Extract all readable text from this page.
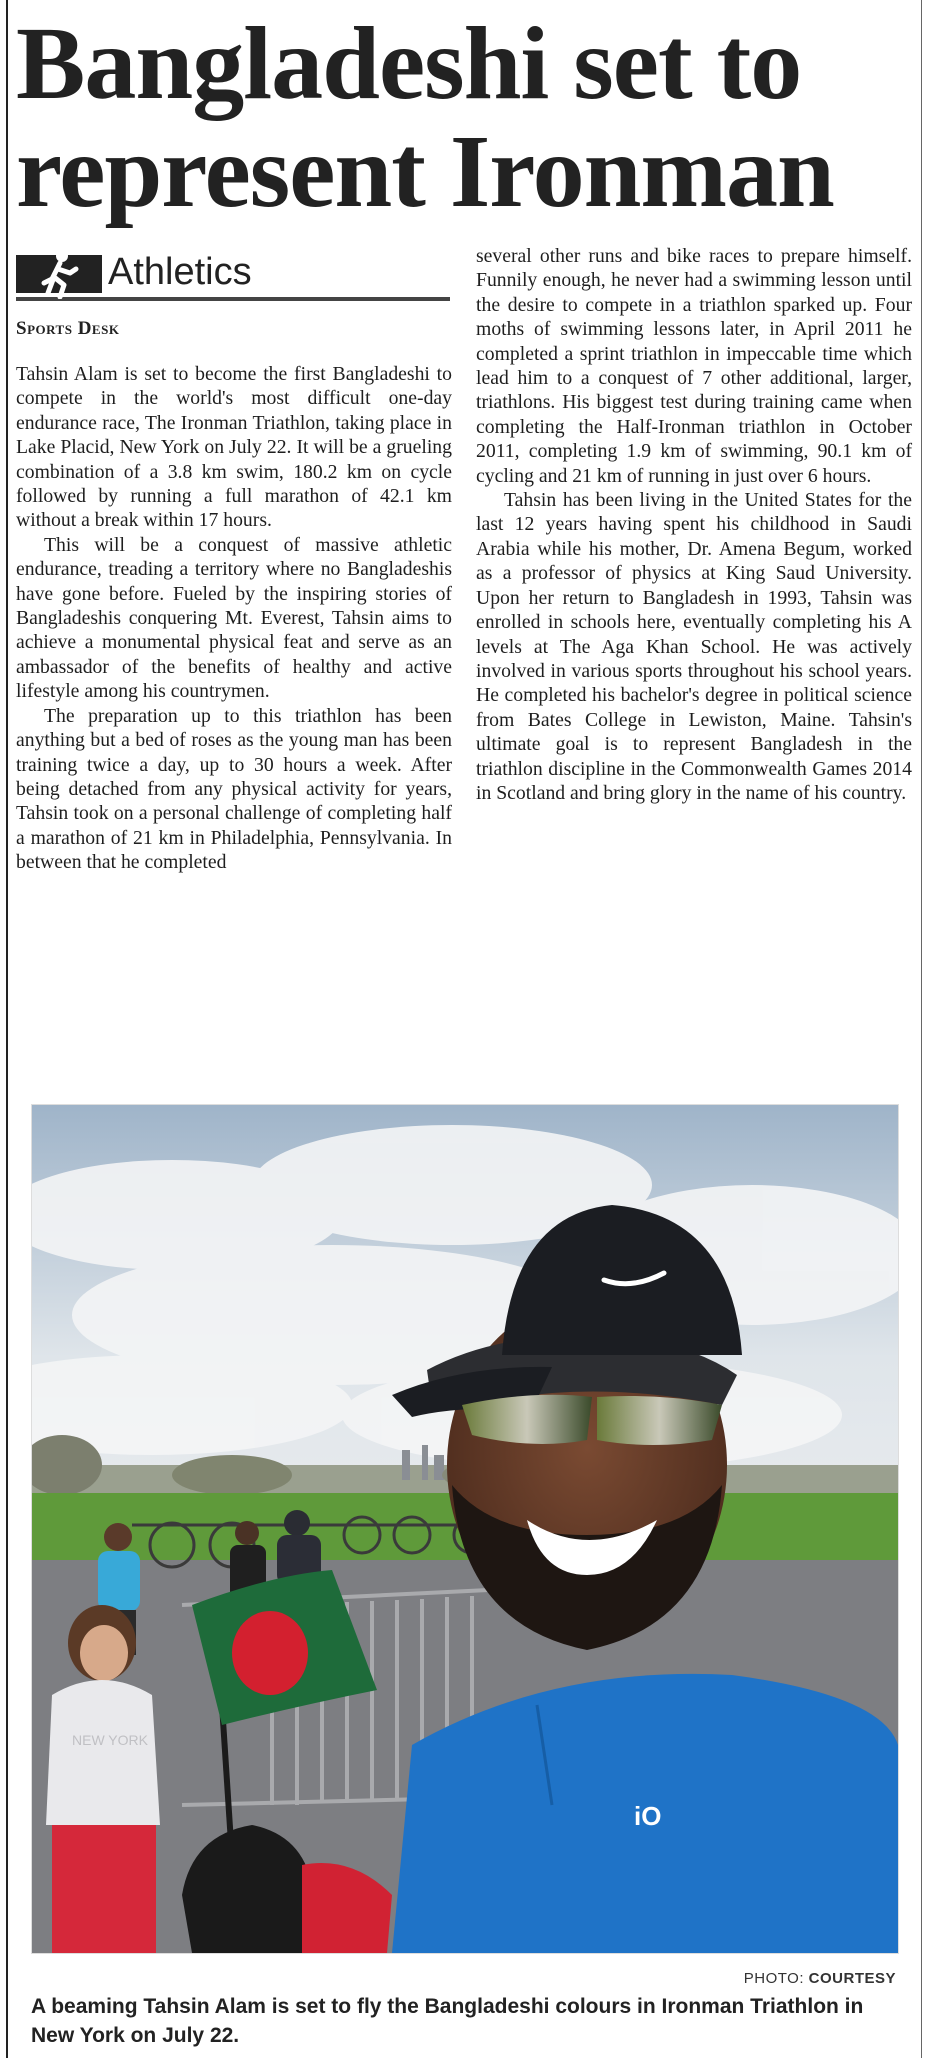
Bangladeshi set to represent Ironman
Athletics
Sports Desk

Tahsin Alam is set to become the first Bangladeshi to compete in the world's most difficult one-day endurance race, The Ironman Triathlon, taking place in Lake Placid, New York on July 22. It will be a grueling combination of a 3.8 km swim, 180.2 km on cycle followed by running a full marathon of 42.1 km without a break within 17 hours.

This will be a conquest of massive athletic endurance, treading a territory where no Bangladeshis have gone before. Fueled by the inspiring stories of Bangladeshis conquering Mt. Everest, Tahsin aims to achieve a monumental physical feat and serve as an ambassador of the benefits of healthy and active lifestyle among his countrymen.

The preparation up to this triathlon has been anything but a bed of roses as the young man has been training twice a day, up to 30 hours a week. After being detached from any physical activity for years, Tahsin took on a personal challenge of completing half a marathon of 21 km in Philadelphia, Pennsylvania. In between that he completed

several other runs and bike races to prepare himself. Funnily enough, he never had a swimming lesson until the desire to compete in a triathlon sparked up. Four moths of swimming lessons later, in April 2011 he completed a sprint triathlon in impeccable time which lead him to a conquest of 7 other additional, larger, triathlons. His biggest test during training came when completing the Half-Ironman triathlon in October 2011, completing 1.9 km of swimming, 90.1 km of cycling and 21 km of running in just over 6 hours.

Tahsin has been living in the United States for the last 12 years having spent his childhood in Saudi Arabia while his mother, Dr. Amena Begum, worked as a professor of physics at King Saud University. Upon her return to Bangladesh in 1993, Tahsin was enrolled in schools here, eventually completing his A levels at The Aga Khan School. He was actively involved in various sports throughout his school years. He completed his bachelor's degree in political science from Bates College in Lewiston, Maine. Tahsin's ultimate goal is to represent Bangladesh in the triathlon discipline in the Commonwealth Games 2014 in Scotland and bring glory in the name of his country.

NEW YORK
iO
PHOTO: COURTESY
A beaming Tahsin Alam is set to fly the Bangladeshi colours in Ironman Triathlon in New York on July 22.
